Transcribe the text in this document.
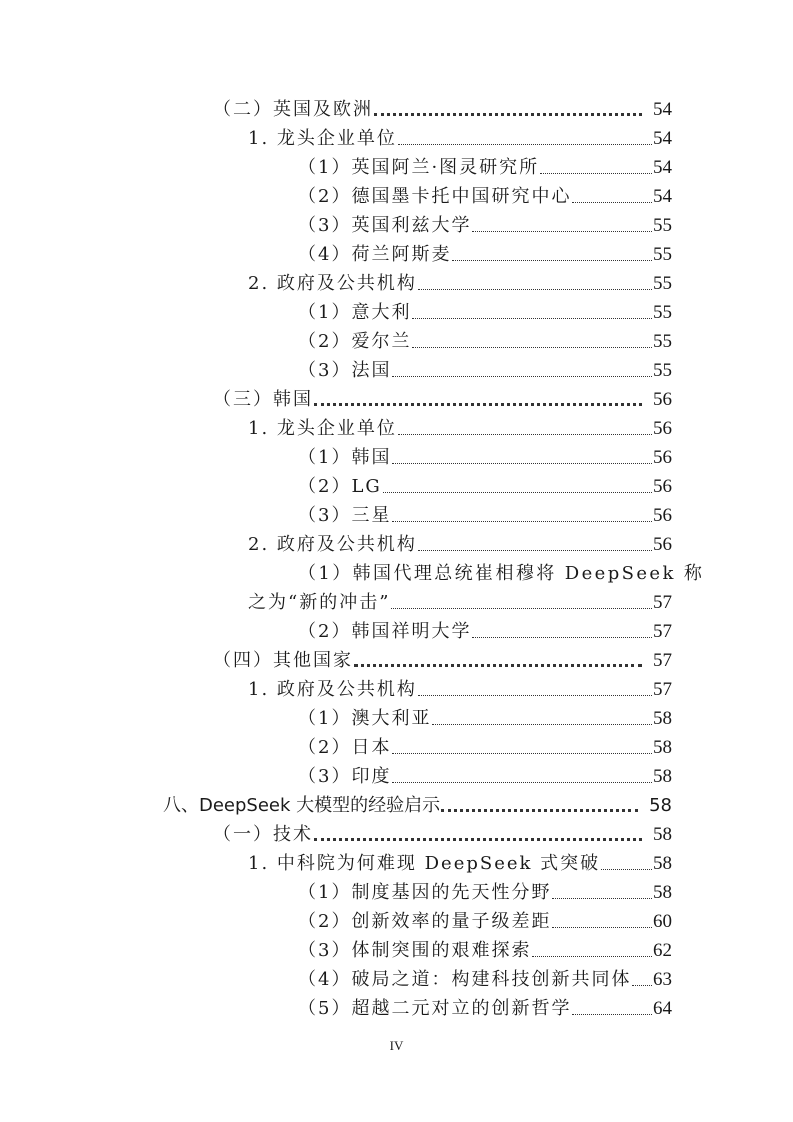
（二）英国及欧洲	54
1. 龙头企业单位	54
（1）英国阿兰·图灵研究所	54
（2）德国墨卡托中国研究中心	54
（3）英国利兹大学	55
（4）荷兰阿斯麦	55
2. 政府及公共机构	55
（1）意大利	55
（2）爱尔兰	55
（3）法国	55
（三）韩国	56
1. 龙头企业单位	56
（1）韩国	56
（2）LG	56
（3）三星	56
2. 政府及公共机构	56
（1）韩国代理总统崔相穆将 DeepSeek 称
之为“新的冲击”	57
（2）韩国祥明大学	57
（四）其他国家	57
1. 政府及公共机构	57
（1）澳大利亚	58
（2）日本	58
（3）印度	58
八、DeepSeek 大模型的经验启示	58
（一）技术	58
1. 中科院为何难现 DeepSeek 式突破	58
（1）制度基因的先天性分野	58
（2）创新效率的量子级差距	60
（3）体制突围的艰难探索	62
（4）破局之道：构建科技创新共同体 63
（5）超越二元对立的创新哲学	64
IV
